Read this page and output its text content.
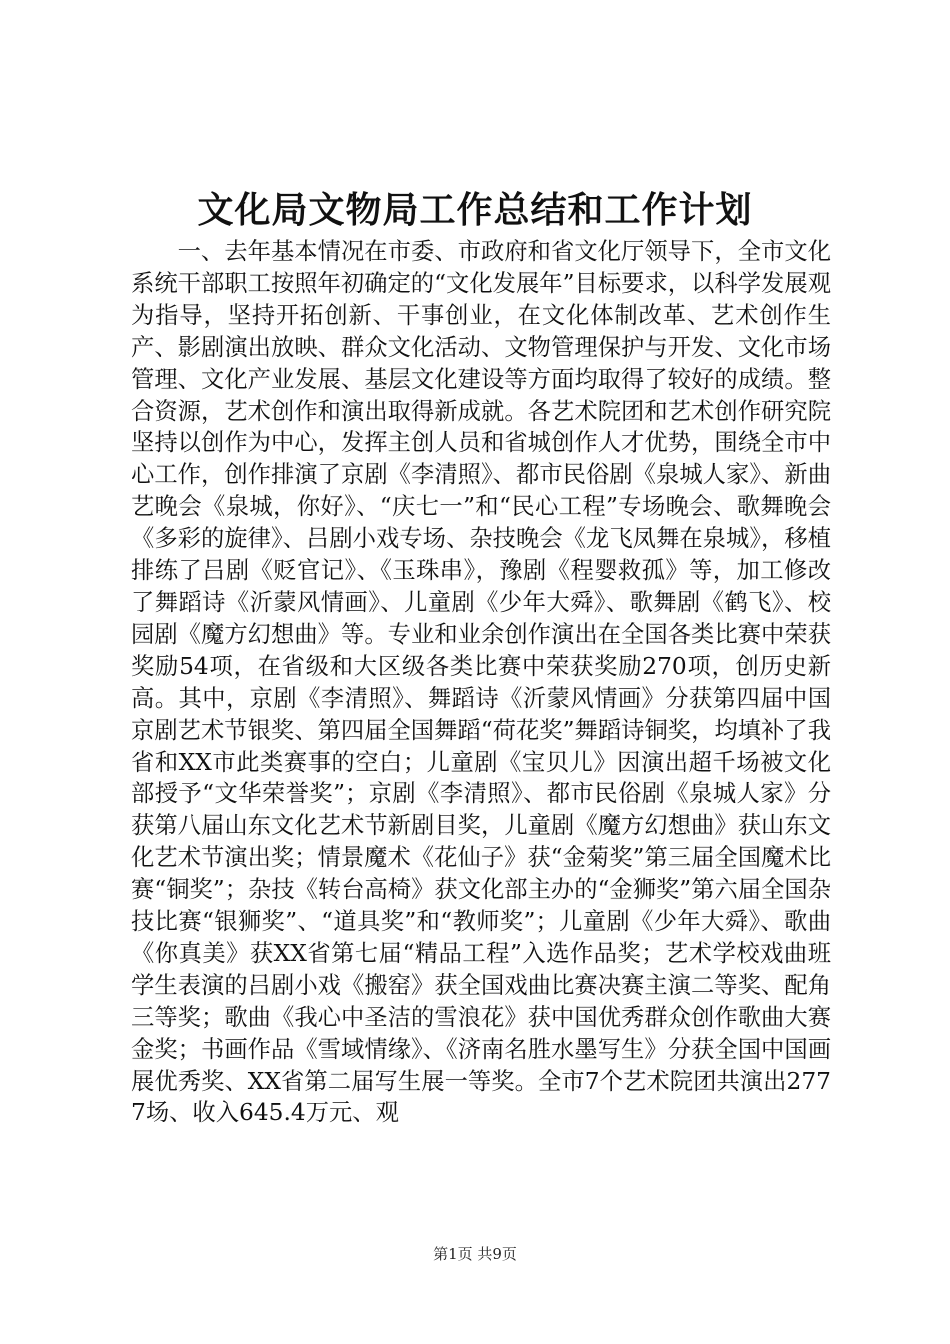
文化局文物局工作总结和工作计划

一、去年基本情况在市委、市政府和省文化厅领导下，全市文化系统干部职工按照年初确定的“文化发展年”目标要求，以科学发展观为指导，坚持开拓创新、干事创业，在文化体制改革、艺术创作生产、影剧演出放映、群众文化活动、文物管理保护与开发、文化市场管理、文化产业发展、基层文化建设等方面均取得了较好的成绩。整合资源，艺术创作和演出取得新成就。各艺术院团和艺术创作研究院坚持以创作为中心，发挥主创人员和省城创作人才优势，围绕全市中心工作，创作排演了京剧《李清照》、都市民俗剧《泉城人家》、新曲艺晚会《泉城，你好》、“庆七一”和“民心工程”专场晚会、歌舞晚会《多彩的旋律》、吕剧小戏专场、杂技晚会《龙飞凤舞在泉城》，移植排练了吕剧《贬官记》、《玉珠串》，豫剧《程婴救孤》等，加工修改了舞蹈诗《沂蒙风情画》、儿童剧《少年大舜》、歌舞剧《鹤飞》、校园剧《魔方幻想曲》等。专业和业余创作演出在全国各类比赛中荣获奖励54项，在省级和大区级各类比赛中荣获奖励270项，创历史新高。其中，京剧《李清照》、舞蹈诗《沂蒙风情画》分获第四届中国京剧艺术节银奖、第四届全国舞蹈“荷花奖”舞蹈诗铜奖，均填补了我省和XX市此类赛事的空白；儿童剧《宝贝儿》因演出超千场被文化部授予“文华荣誉奖”；京剧《李清照》、都市民俗剧《泉城人家》分获第八届山东文化艺术节新剧目奖，儿童剧《魔方幻想曲》获山东文化艺术节演出奖；情景魔术《花仙子》获“金菊奖”第三届全国魔术比赛“铜奖”；杂技《转台高椅》获文化部主办的“金狮奖”第六届全国杂技比赛“银狮奖”、“道具奖”和“教师奖”；儿童剧《少年大舜》、歌曲《你真美》获XX省第七届“精品工程”入选作品奖；艺术学校戏曲班学生表演的吕剧小戏《搬窑》获全国戏曲比赛决赛主演二等奖、配角三等奖；歌曲《我心中圣洁的雪浪花》获中国优秀群众创作歌曲大赛金奖；书画作品《雪域情缘》、《济南名胜水墨写生》分获全国中国画展优秀奖、XX省第二届写生展一等奖。全市7个艺术院团共演出2777场、收入645.4万元、观

第1页 共9页
